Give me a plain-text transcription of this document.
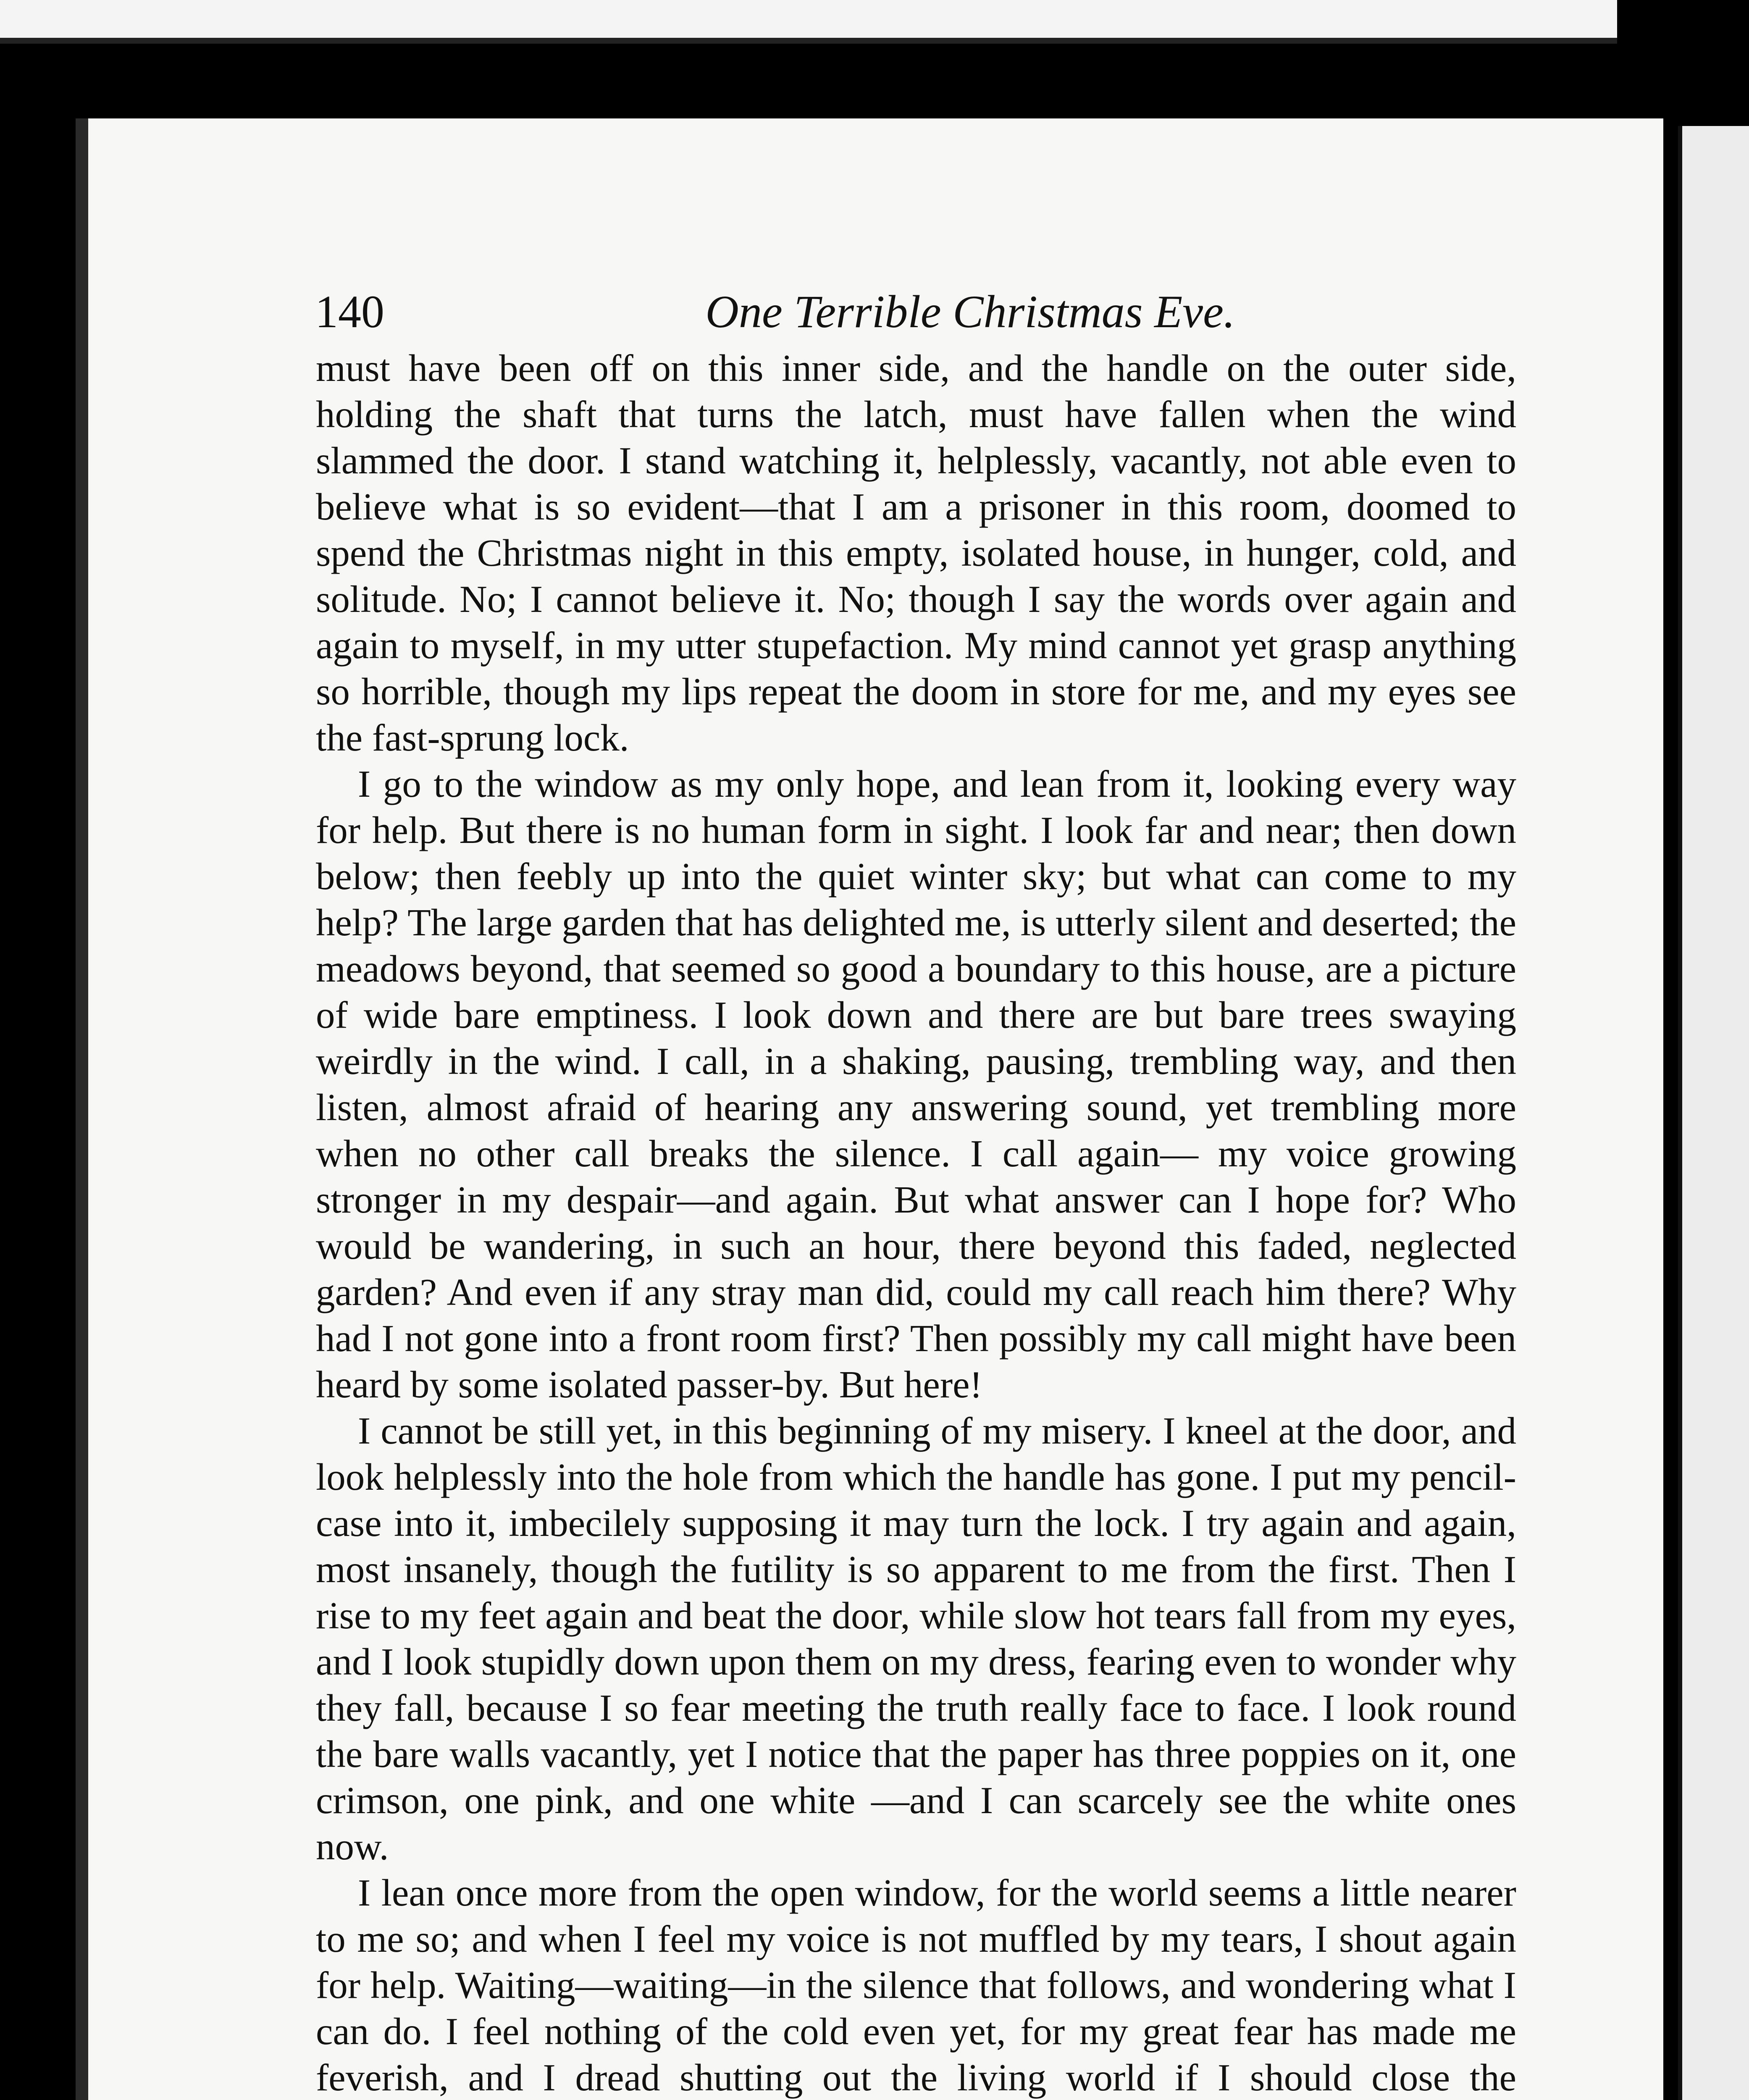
140	One Terrible Christmas Eve.

must have been off on this inner side, and the handle on the outer side, holding the shaft that turns the latch, must have fallen when the wind slammed the door. I stand watching it, helplessly, vacantly, not able even to believe what is so evident—that I am a prisoner in this room, doomed to spend the Christmas night in this empty, isolated house, in hunger, cold, and solitude. No; I cannot believe it. No; though I say the words over again and again to myself, in my utter stupefaction. My mind cannot yet grasp anything so horrible, though my lips repeat the doom in store for me, and my eyes see the fast-sprung lock.

I go to the window as my only hope, and lean from it, looking every way for help. But there is no human form in sight. I look far and near; then down below; then feebly up into the quiet winter sky; but what can come to my help? The large garden that has delighted me, is utterly silent and deserted; the meadows beyond, that seemed so good a boundary to this house, are a picture of wide bare emptiness. I look down and there are but bare trees swaying weirdly in the wind. I call, in a shaking, pausing, trembling way, and then listen, almost afraid of hearing any answering sound, yet trembling more when no other call breaks the silence. I call again— my voice growing stronger in my despair—and again. But what answer can I hope for? Who would be wandering, in such an hour, there beyond this faded, neglected garden? And even if any stray man did, could my call reach him there? Why had I not gone into a front room first? Then possibly my call might have been heard by some isolated passer-by. But here!

I cannot be still yet, in this beginning of my misery. I kneel at the door, and look helplessly into the hole from which the handle has gone. I put my pencil-case into it, imbecilely supposing it may turn the lock. I try again and again, most insanely, though the futility is so apparent to me from the first. Then I rise to my feet again and beat the door, while slow hot tears fall from my eyes, and I look stupidly down upon them on my dress, fearing even to wonder why they fall, because I so fear meeting the truth really face to face. I look round the bare walls vacantly, yet I notice that the paper has three poppies on it, one crimson, one pink, and one white —and I can scarcely see the white ones now.

I lean once more from the open window, for the world seems a little nearer to me so; and when I feel my voice is not muffled by my tears, I shout again for help. Waiting—waiting—in the silence that follows, and wondering what I can do. I feel nothing of the cold even yet, for my great fear has made me feverish, and I dread shutting out the living world if I should close the
